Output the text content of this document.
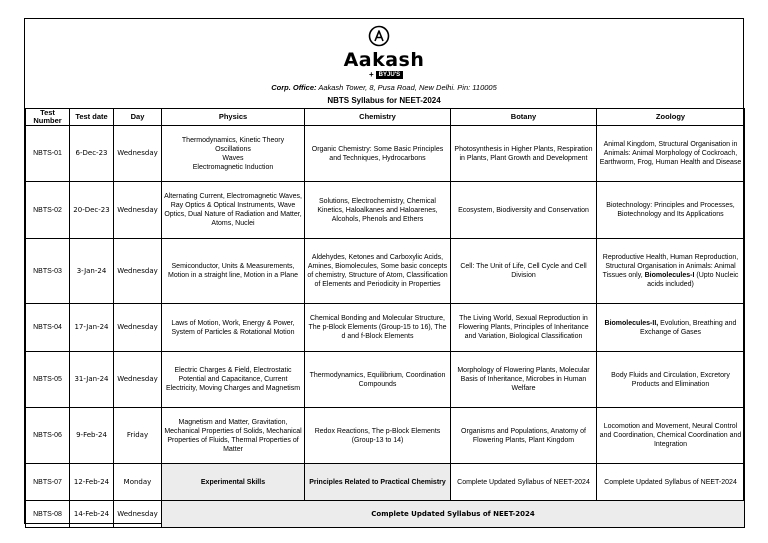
Aakash
+ BYJU'S
Corp. Office: Aakash Tower, 8, Pusa Road, New Delhi. Pin: 110005
NBTS Syllabus for NEET-2024
Test Number	Test date	Day	Physics	Chemistry	Botany	Zoology
NBTS-01	6-Dec-23	Wednesday	Thermodynamics, Kinetic Theory
Oscillations
Waves
Electromagnetic Induction	Organic Chemistry: Some Basic Principles and Techniques, Hydrocarbons	Photosynthesis in Higher Plants, Respiration in Plants, Plant Growth and Development	Animal Kingdom, Structural Organisation in Animals: Animal Morphology of Cockroach, Earthworm, Frog, Human Health and Disease
NBTS-02	20-Dec-23	Wednesday	Alternating Current, Electromagnetic Waves, Ray Optics & Optical Instruments, Wave Optics, Dual Nature of Radiation and Matter, Atoms, Nuclei	Solutions, Electrochemistry, Chemical Kinetics, Haloalkanes and Haloarenes, Alcohols, Phenols and Ethers	Ecosystem, Biodiversity and Conservation	Biotechnology: Principles and Processes, Biotechnology and Its Applications
NBTS-03	3-Jan-24	Wednesday	Semiconductor, Units & Measurements, Motion in a straight line, Motion in a Plane	Aldehydes, Ketones and Carboxylic Acids, Amines, Biomolecules, Some basic concepts of chemistry, Structure of Atom, Classification of Elements and Periodicity in Properties	Cell: The Unit of Life, Cell Cycle and Cell Division	Reproductive Health, Human Reproduction, Structural Organisation in Animals: Animal Tissues only, Biomolecules-I (Upto Nucleic acids included)
NBTS-04	17-Jan-24	Wednesday	Laws of Motion, Work, Energy & Power, System of Particles & Rotational Motion	Chemical Bonding and Molecular Structure, The p-Block Elements (Group-15 to 16), The d and f-Block Elements	The Living World, Sexual Reproduction in Flowering Plants, Principles of Inheritance and Variation, Biological Classification	Biomolecules-II, Evolution, Breathing and Exchange of Gases
NBTS-05	31-Jan-24	Wednesday	Electric Charges & Field, Electrostatic Potential and Capacitance, Current Electricity, Moving Charges and Magnetism	Thermodynamics, Equilibrium, Coordination Compounds	Morphology of Flowering Plants, Molecular Basis of Inheritance, Microbes in Human Welfare	Body Fluids and Circulation, Excretory Products and Elimination
NBTS-06	9-Feb-24	Friday	Magnetism and Matter, Gravitation, Mechanical Properties of Solids, Mechanical Properties of Fluids, Thermal Properties of Matter	Redox Reactions, The p-Block Elements (Group-13 to 14)	Organisms and Populations, Anatomy of Flowering Plants, Plant Kingdom	Locomotion and Movement, Neural Control and Coordination, Chemical Coordination and Integration
NBTS-07	12-Feb-24	Monday	Experimental Skills	Principles Related to Practical Chemistry	Complete Updated Syllabus of NEET-2024	Complete Updated Syllabus of NEET-2024
NBTS-08	14-Feb-24	Wednesday	Complete Updated Syllabus of NEET-2024			
